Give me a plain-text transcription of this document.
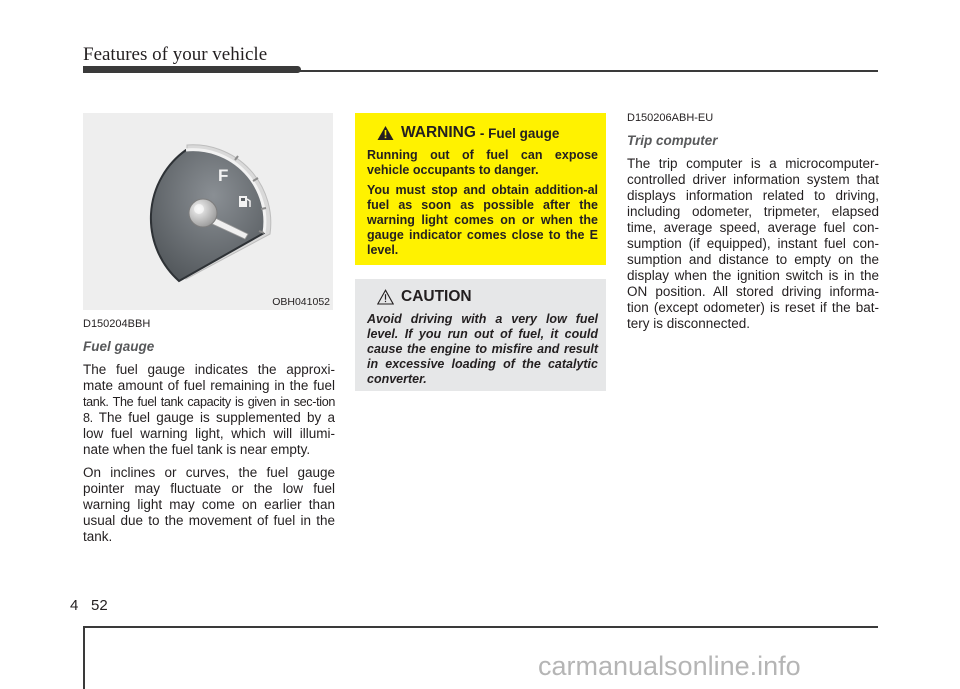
Features of your vehicle
F
OBH041052

D150204BBH

Fuel gauge

The fuel gauge indicates the approxi-mate amount of fuel remaining in the fuel tank. The fuel tank capacity is given in sec-tion 8. The fuel gauge is supplemented by a low fuel warning light, which will illumi-nate when the fuel tank is near empty.

On inclines or curves, the fuel gauge pointer may fluctuate or the low fuel warning light may come on earlier than usual due to the movement of fuel in the tank.

WARNING - Fuel gauge

Running out of fuel can expose vehicle occupants to danger.

You must stop and obtain addition-al fuel as soon as possible after the warning light comes on or when the gauge indicator comes close to the E level.

CAUTION

Avoid driving with a very low fuel level. If you run out of fuel, it could cause the engine to misfire and result in excessive loading of the catalytic converter.

D150206ABH-EU

Trip computer

The trip computer is a microcomputer-controlled driver information system that displays information related to driving, including odometer, tripmeter, elapsed time, average speed, average fuel con-sumption (if equipped), instant fuel con-sumption and distance to empty on the display when the ignition switch is in the ON position. All stored driving informa-tion (except odometer) is reset if the bat-tery is disconnected.

4 52
carmanualsonline.info
